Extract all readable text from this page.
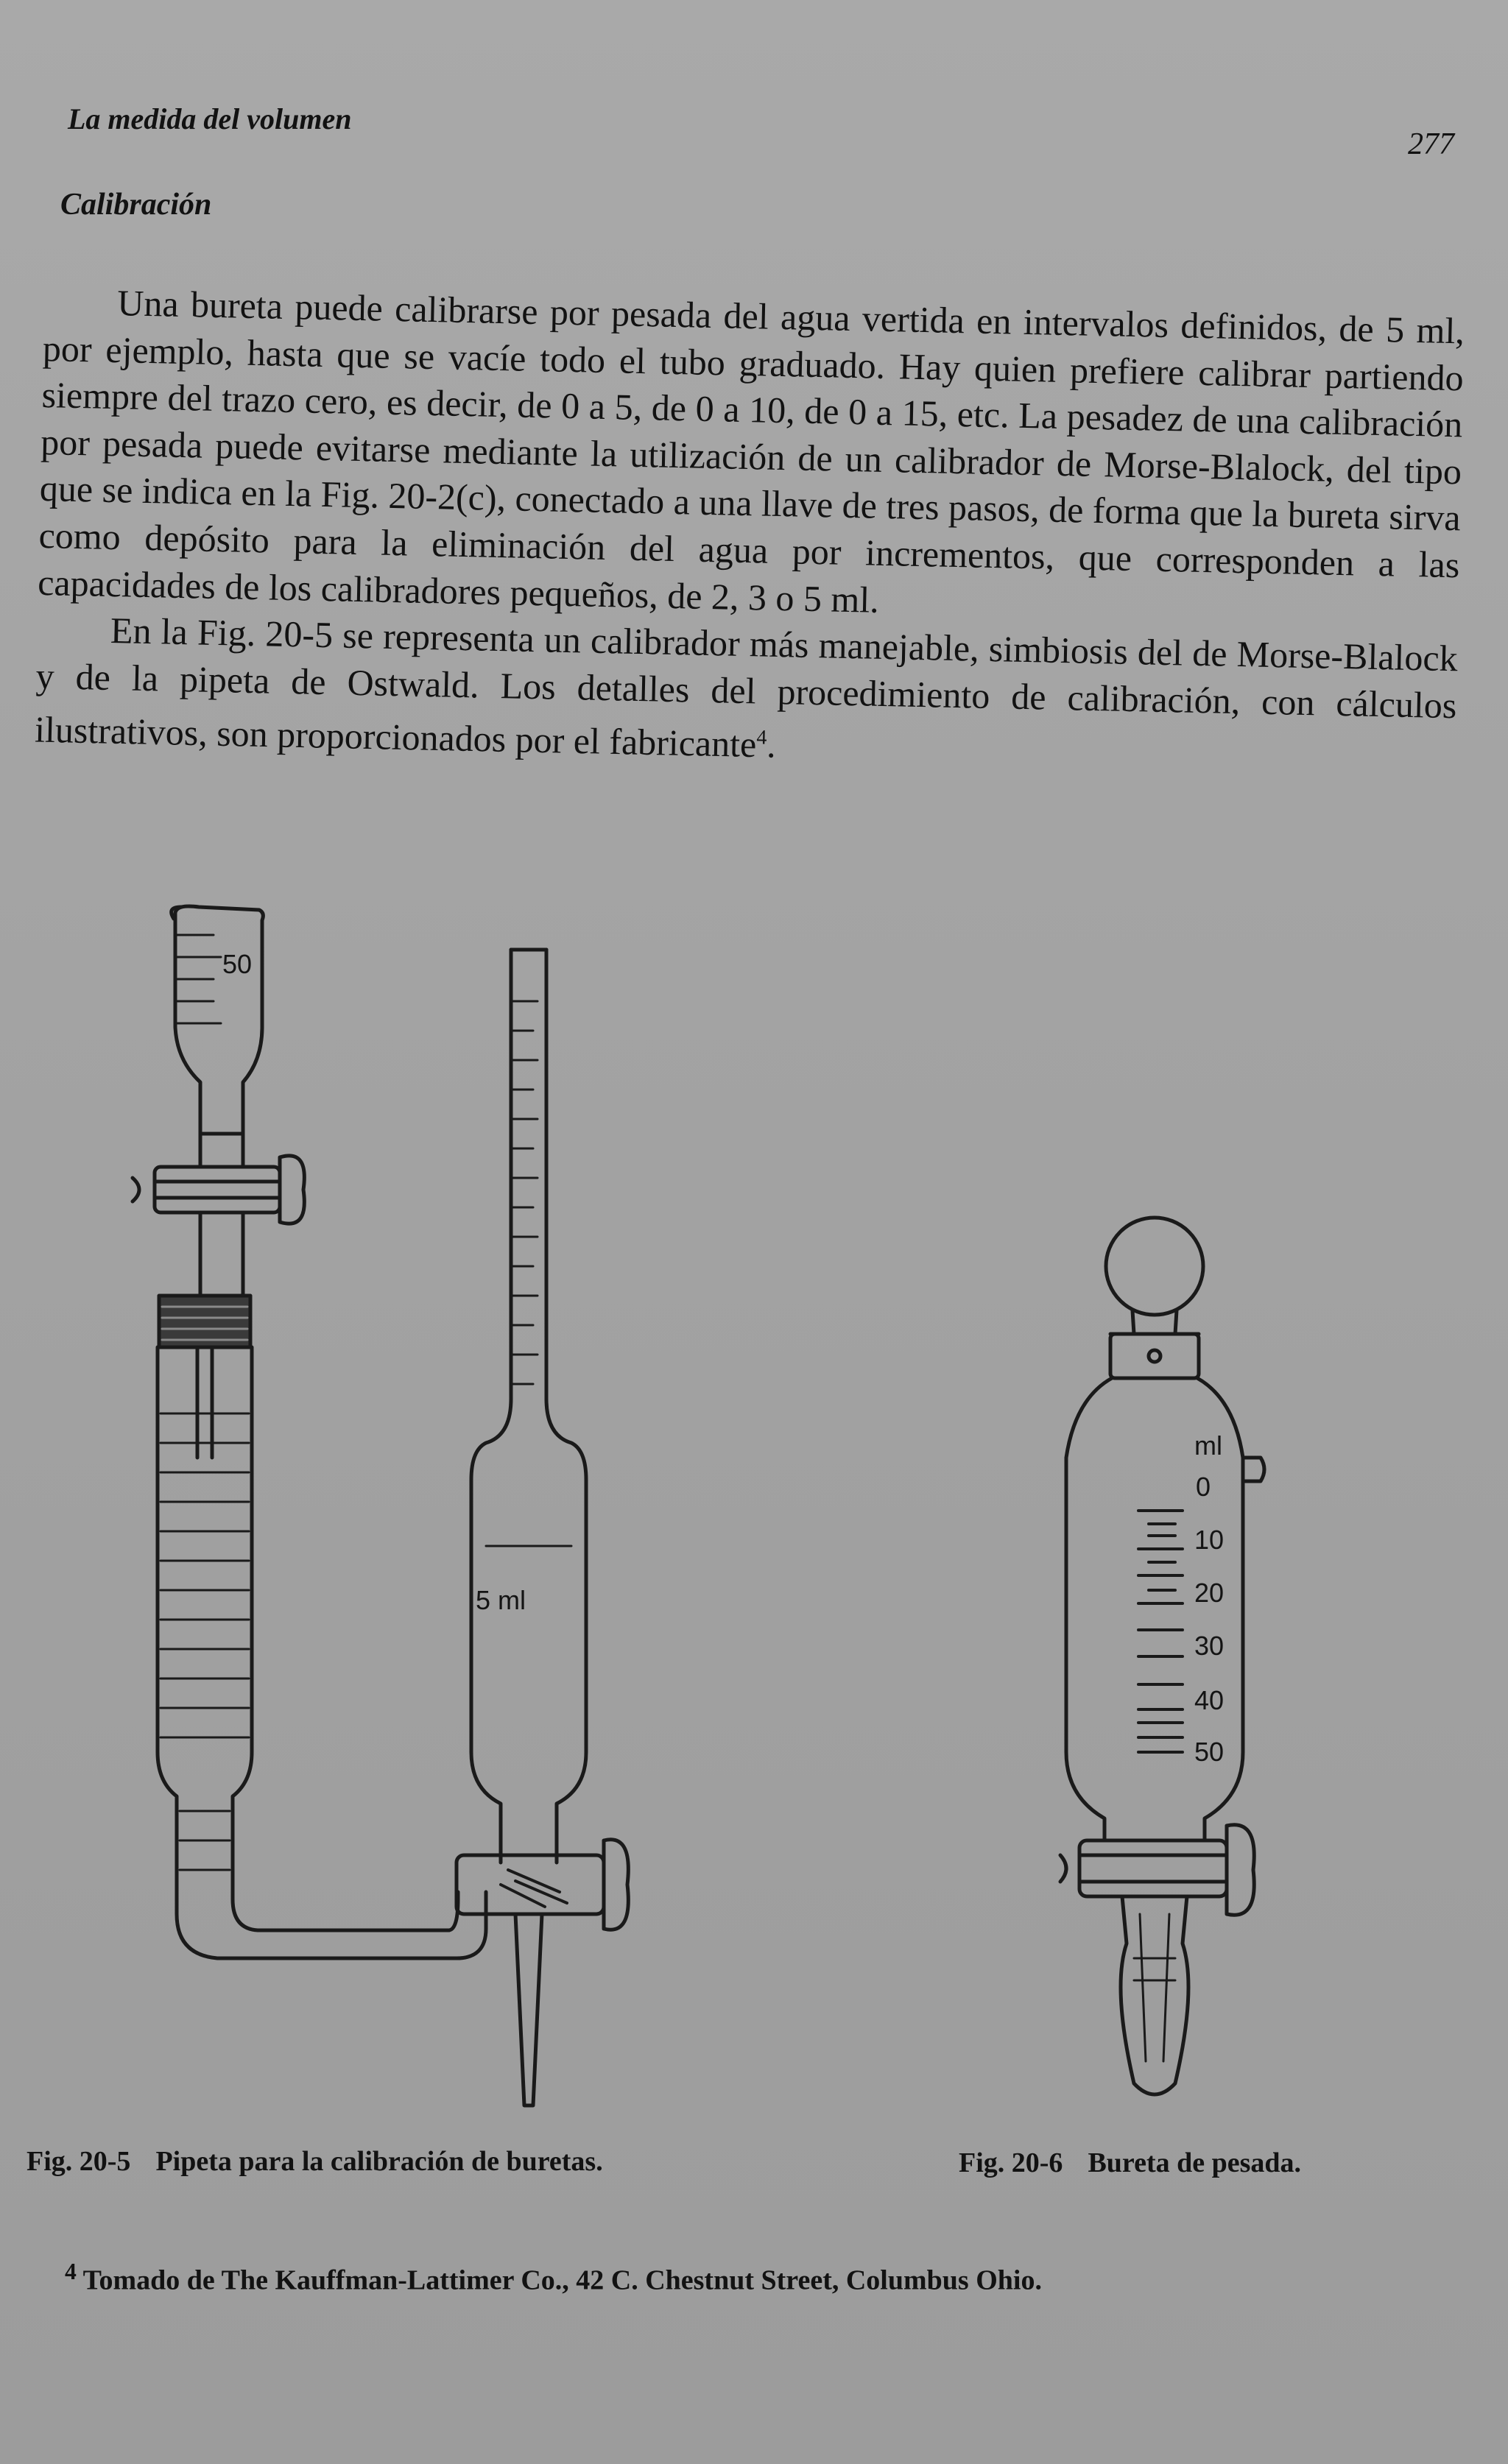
La medida del volumen
277
Calibración

Una bureta puede calibrarse por pesada del agua vertida en intervalos definidos, de 5 ml, por ejemplo, hasta que se vacíe todo el tubo graduado. Hay quien prefiere calibrar partiendo siempre del trazo cero, es decir, de 0 a 5, de 0 a 10, de 0 a 15, etc. La pesadez de una calibración por pesada puede evitarse mediante la utilización de un calibrador de Morse-Blalock, del tipo que se indica en la Fig. 20-2(c), conectado a una llave de tres pasos, de forma que la bureta sirva como depósito para la eliminación del agua por incrementos, que corresponden a las capacidades de los calibradores pequeños, de 2, 3 o 5 ml.

En la Fig. 20-5 se representa un calibrador más manejable, simbiosis del de Morse-Blalock y de la pipeta de Ostwald. Los detalles del procedimiento de calibración, con cálculos ilustrativos, son proporcionados por el fabricante$^4$.

50
5 ml
ml
0
10
20
30
40
50
Fig. 20-5 Pipeta para la calibración de buretas.	Fig. 20-6 Bureta de pesada.
$^4$ Tomado de The Kauffman-Lattimer Co., 42 C. Chestnut Street, Columbus Ohio.
